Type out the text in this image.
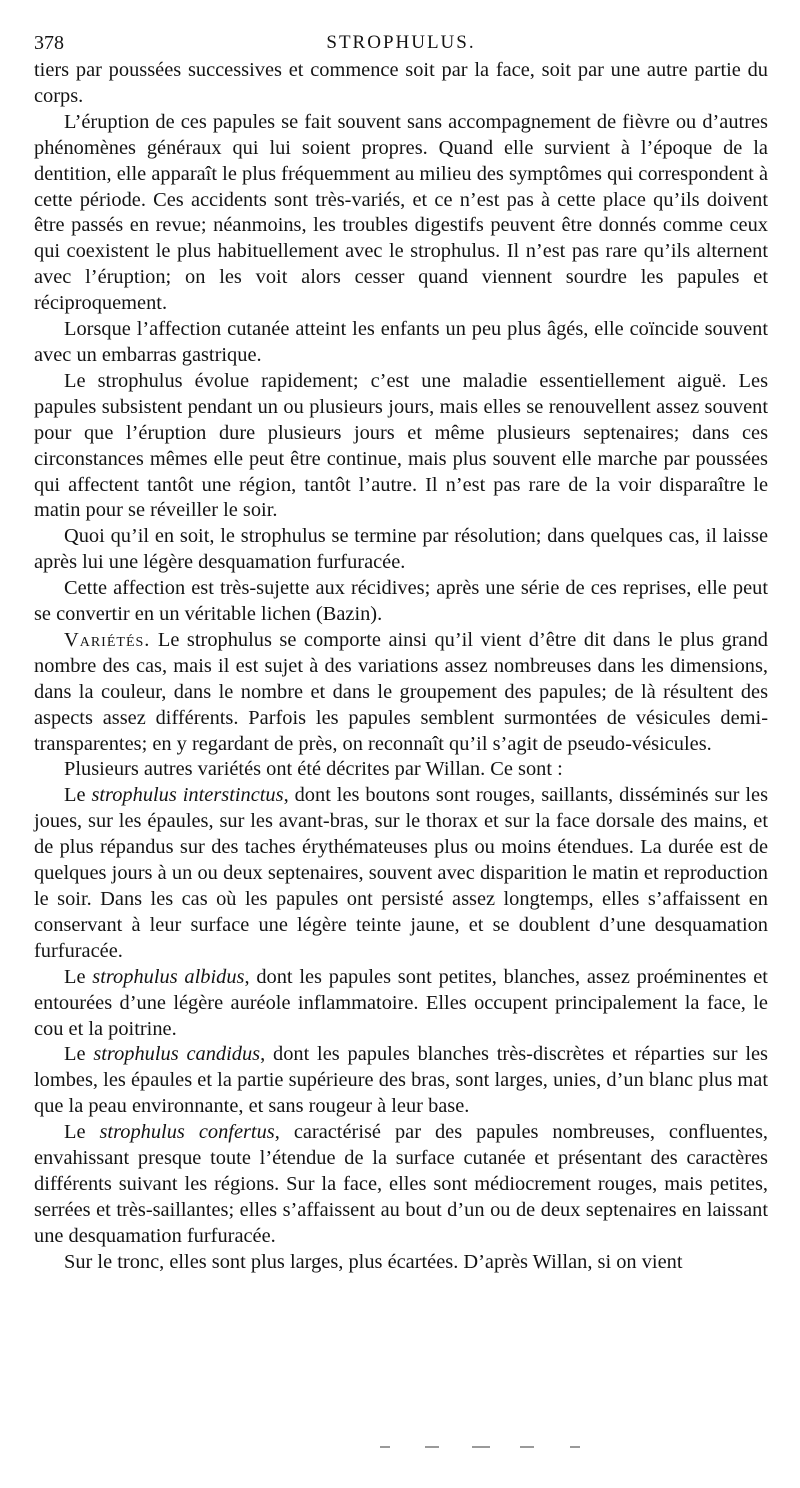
378	STROPHULUS.

tiers par poussées successives et commence soit par la face, soit par une autre partie du corps.

L’éruption de ces papules se fait souvent sans accompagnement de fièvre ou d’autres phénomènes généraux qui lui soient propres. Quand elle survient à l’époque de la dentition, elle apparaît le plus fréquemment au milieu des symptômes qui correspondent à cette période. Ces accidents sont très-variés, et ce n’est pas à cette place qu’ils doivent être passés en revue; néanmoins, les troubles digestifs peuvent être donnés comme ceux qui coexistent le plus habituellement avec le strophulus. Il n’est pas rare qu’ils alternent avec l’éruption; on les voit alors cesser quand viennent sourdre les papules et réciproquement.

Lorsque l’affection cutanée atteint les enfants un peu plus âgés, elle coïncide souvent avec un embarras gastrique.

Le strophulus évolue rapidement; c’est une maladie essentiellement aiguë. Les papules subsistent pendant un ou plusieurs jours, mais elles se renouvellent assez souvent pour que l’éruption dure plusieurs jours et même plusieurs septenaires; dans ces circonstances mêmes elle peut être continue, mais plus souvent elle marche par poussées qui affectent tantôt une région, tantôt l’autre. Il n’est pas rare de la voir disparaître le matin pour se réveiller le soir.

Quoi qu’il en soit, le strophulus se termine par résolution; dans quelques cas, il laisse après lui une légère desquamation furfuracée.

Cette affection est très-sujette aux récidives; après une série de ces reprises, elle peut se convertir en un véritable lichen (Bazin).

Variétés. Le strophulus se comporte ainsi qu’il vient d’être dit dans le plus grand nombre des cas, mais il est sujet à des variations assez nombreuses dans les dimensions, dans la couleur, dans le nombre et dans le groupement des papules; de là résultent des aspects assez différents. Parfois les papules semblent surmontées de vésicules demi-transparentes; en y regardant de près, on reconnaît qu’il s’agit de pseudo-vésicules.

Plusieurs autres variétés ont été décrites par Willan. Ce sont :

Le strophulus interstinctus, dont les boutons sont rouges, saillants, disséminés sur les joues, sur les épaules, sur les avant-bras, sur le thorax et sur la face dorsale des mains, et de plus répandus sur des taches érythémateuses plus ou moins étendues. La durée est de quelques jours à un ou deux septenaires, souvent avec disparition le matin et reproduction le soir. Dans les cas où les papules ont persisté assez longtemps, elles s’affaissent en conservant à leur surface une légère teinte jaune, et se doublent d’une desquamation furfuracée.

Le strophulus albidus, dont les papules sont petites, blanches, assez proéminentes et entourées d’une légère auréole inflammatoire. Elles occupent principalement la face, le cou et la poitrine.

Le strophulus candidus, dont les papules blanches très-discrètes et réparties sur les lombes, les épaules et la partie supérieure des bras, sont larges, unies, d’un blanc plus mat que la peau environnante, et sans rougeur à leur base.

Le strophulus confertus, caractérisé par des papules nombreuses, confluentes, envahissant presque toute l’étendue de la surface cutanée et présentant des caractères différents suivant les régions. Sur la face, elles sont médiocrement rouges, mais petites, serrées et très-saillantes; elles s’affaissent au bout d’un ou de deux septenaires en laissant une desquamation furfuracée.

Sur le tronc, elles sont plus larges, plus écartées. D’après Willan, si on vient
